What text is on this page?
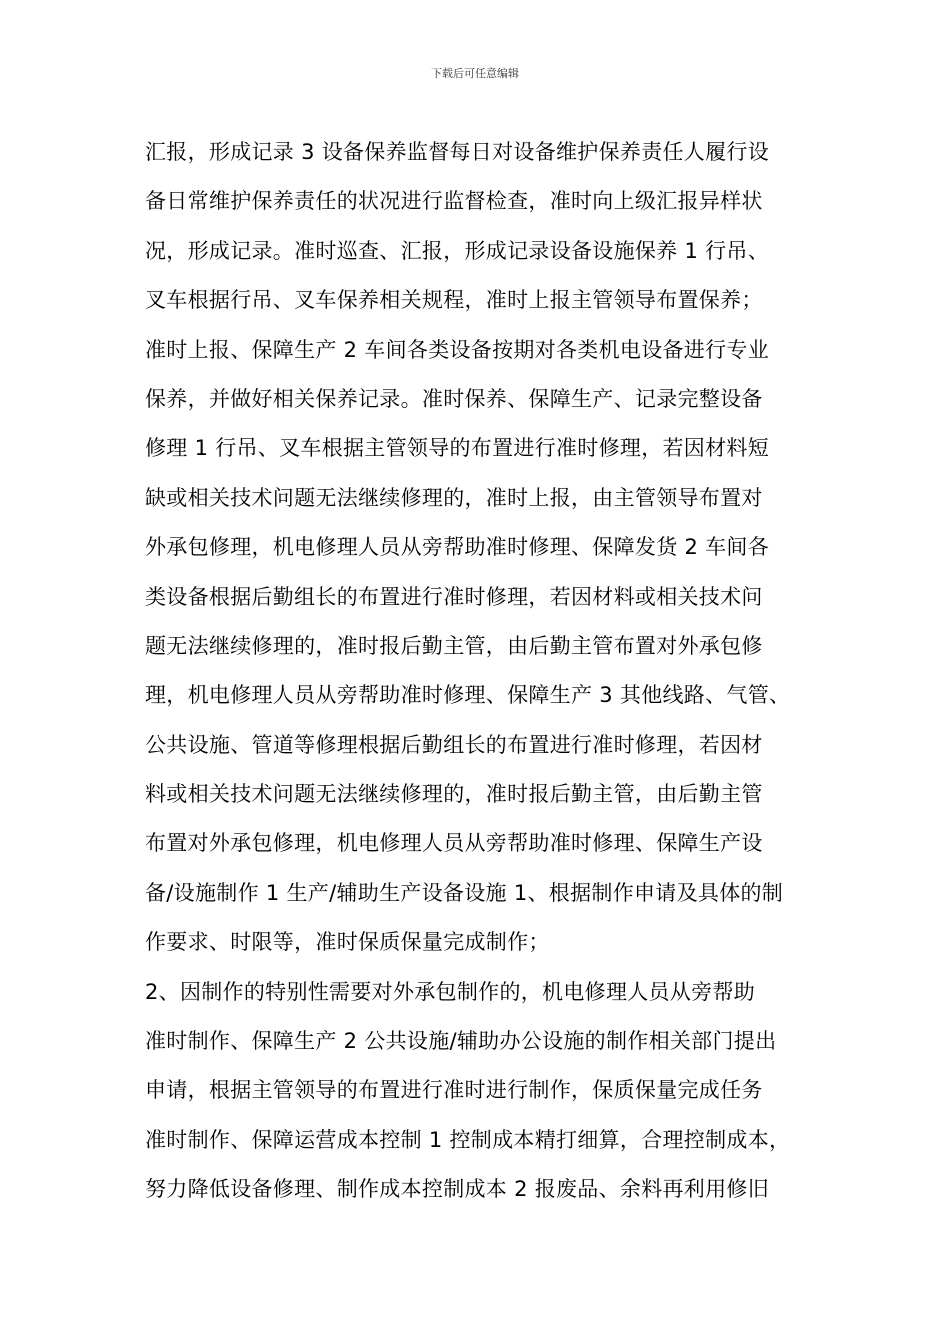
下载后可任意编辑
汇报，形成记录 3 设备保养监督每日对设备维护保养责任人履行设
备日常维护保养责任的状况进行监督检查，准时向上级汇报异样状
况，形成记录。准时巡查、汇报，形成记录设备设施保养 1 行吊、
叉车根据行吊、叉车保养相关规程，准时上报主管领导布置保养；
准时上报、保障生产 2 车间各类设备按期对各类机电设备进行专业
保养，并做好相关保养记录。准时保养、保障生产、记录完整设备
修理 1 行吊、叉车根据主管领导的布置进行准时修理，若因材料短
缺或相关技术问题无法继续修理的，准时上报，由主管领导布置对
外承包修理，机电修理人员从旁帮助准时修理、保障发货 2 车间各
类设备根据后勤组长的布置进行准时修理，若因材料或相关技术问
题无法继续修理的，准时报后勤主管，由后勤主管布置对外承包修
理，机电修理人员从旁帮助准时修理、保障生产 3 其他线路、气管、
公共设施、管道等修理根据后勤组长的布置进行准时修理，若因材
料或相关技术问题无法继续修理的，准时报后勤主管，由后勤主管
布置对外承包修理，机电修理人员从旁帮助准时修理、保障生产设
备/设施制作 1 生产/辅助生产设备设施 1、根据制作申请及具体的制
作要求、时限等，准时保质保量完成制作；
2、因制作的特别性需要对外承包制作的，机电修理人员从旁帮助
准时制作、保障生产 2 公共设施/辅助办公设施的制作相关部门提出
申请，根据主管领导的布置进行准时进行制作，保质保量完成任务
准时制作、保障运营成本控制 1 控制成本精打细算，合理控制成本，
努力降低设备修理、制作成本控制成本 2 报废品、余料再利用修旧
